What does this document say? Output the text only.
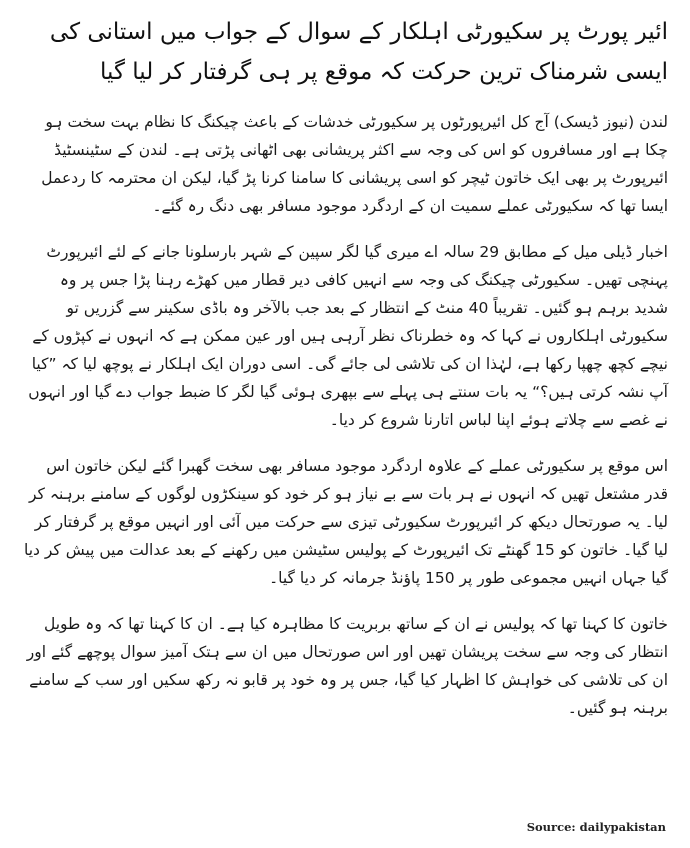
ائیر پورٹ پر سکیورٹی اہلکار کے سوال کے جواب میں استانی کی ایسی شرمناک ترین حرکت کہ موقع پر ہی گرفتار کر لیا گیا

لندن (نیوز ڈیسک) آج کل ائیرپورٹوں پر سکیورٹی خدشات کے باعث چیکنگ کا نظام بہت سخت ہو چکا ہے اور مسافروں کو اس کی وجہ سے اکثر پریشانی بھی اٹھانی پڑتی ہے۔ لندن کے سٹینسٹیڈ ائیرپورٹ پر بھی ایک خاتون ٹیچر کو اسی پریشانی کا سامنا کرنا پڑ گیا، لیکن ان محترمہ کا ردعمل ایسا تھا کہ سکیورٹی عملے سمیت ان کے اردگرد موجود مسافر بھی دنگ رہ گئے۔

اخبار ڈیلی میل کے مطابق 29 سالہ اے میری گیا لگر سپین کے شہر بارسلونا جانے کے لئے ائیرپورٹ پہنچی تھیں۔ سکیورٹی چیکنگ کی وجہ سے انہیں کافی دیر قطار میں کھڑے رہنا پڑا جس پر وہ شدید برہم ہو گئیں۔ تقریباً 40 منٹ کے انتظار کے بعد جب بالآخر وہ باڈی سکینر سے گزریں تو سکیورٹی اہلکاروں نے کہا کہ وہ خطرناک نظر آرہی ہیں اور عین ممکن ہے کہ انہوں نے کپڑوں کے نیچے کچھ چھپا رکھا ہے، لہٰذا ان کی تلاشی لی جائے گی۔ اسی دوران ایک اہلکار نے پوچھ لیا کہ ”کیا آپ نشہ کرتی ہیں؟“ یہ بات سنتے ہی پہلے سے بپھری ہوئی گیا لگر کا ضبط جواب دے گیا اور انہوں نے غصے سے چلاتے ہوئے اپنا لباس اتارنا شروع کر دیا۔

اس موقع پر سکیورٹی عملے کے علاوہ اردگرد موجود مسافر بھی سخت گھبرا گئے لیکن خاتون اس قدر مشتعل تھیں کہ انہوں نے ہر بات سے بے نیاز ہو کر خود کو سینکڑوں لوگوں کے سامنے برہنہ کر لیا۔ یہ صورتحال دیکھ کر ائیرپورٹ سکیورٹی تیزی سے حرکت میں آئی اور انہیں موقع پر گرفتار کر لیا گیا۔ خاتون کو 15 گھنٹے تک ائیرپورٹ کے پولیس سٹیشن میں رکھنے کے بعد عدالت میں پیش کر دیا گیا جہاں انہیں مجموعی طور پر 150 پاﺅنڈ جرمانہ کر دیا گیا۔

خاتون کا کہنا تھا کہ پولیس نے ان کے ساتھ بربریت کا مظاہرہ کیا ہے۔ ان کا کہنا تھا کہ وہ طویل انتظار کی وجہ سے سخت پریشان تھیں اور اس صورتحال میں ان سے ہتک آمیز سوال پوچھے گئے اور ان کی تلاشی کی خواہش کا اظہار کیا گیا، جس پر وہ خود پر قابو نہ رکھ سکیں اور سب کے سامنے برہنہ ہو گئیں۔

Source: dailypakistan
